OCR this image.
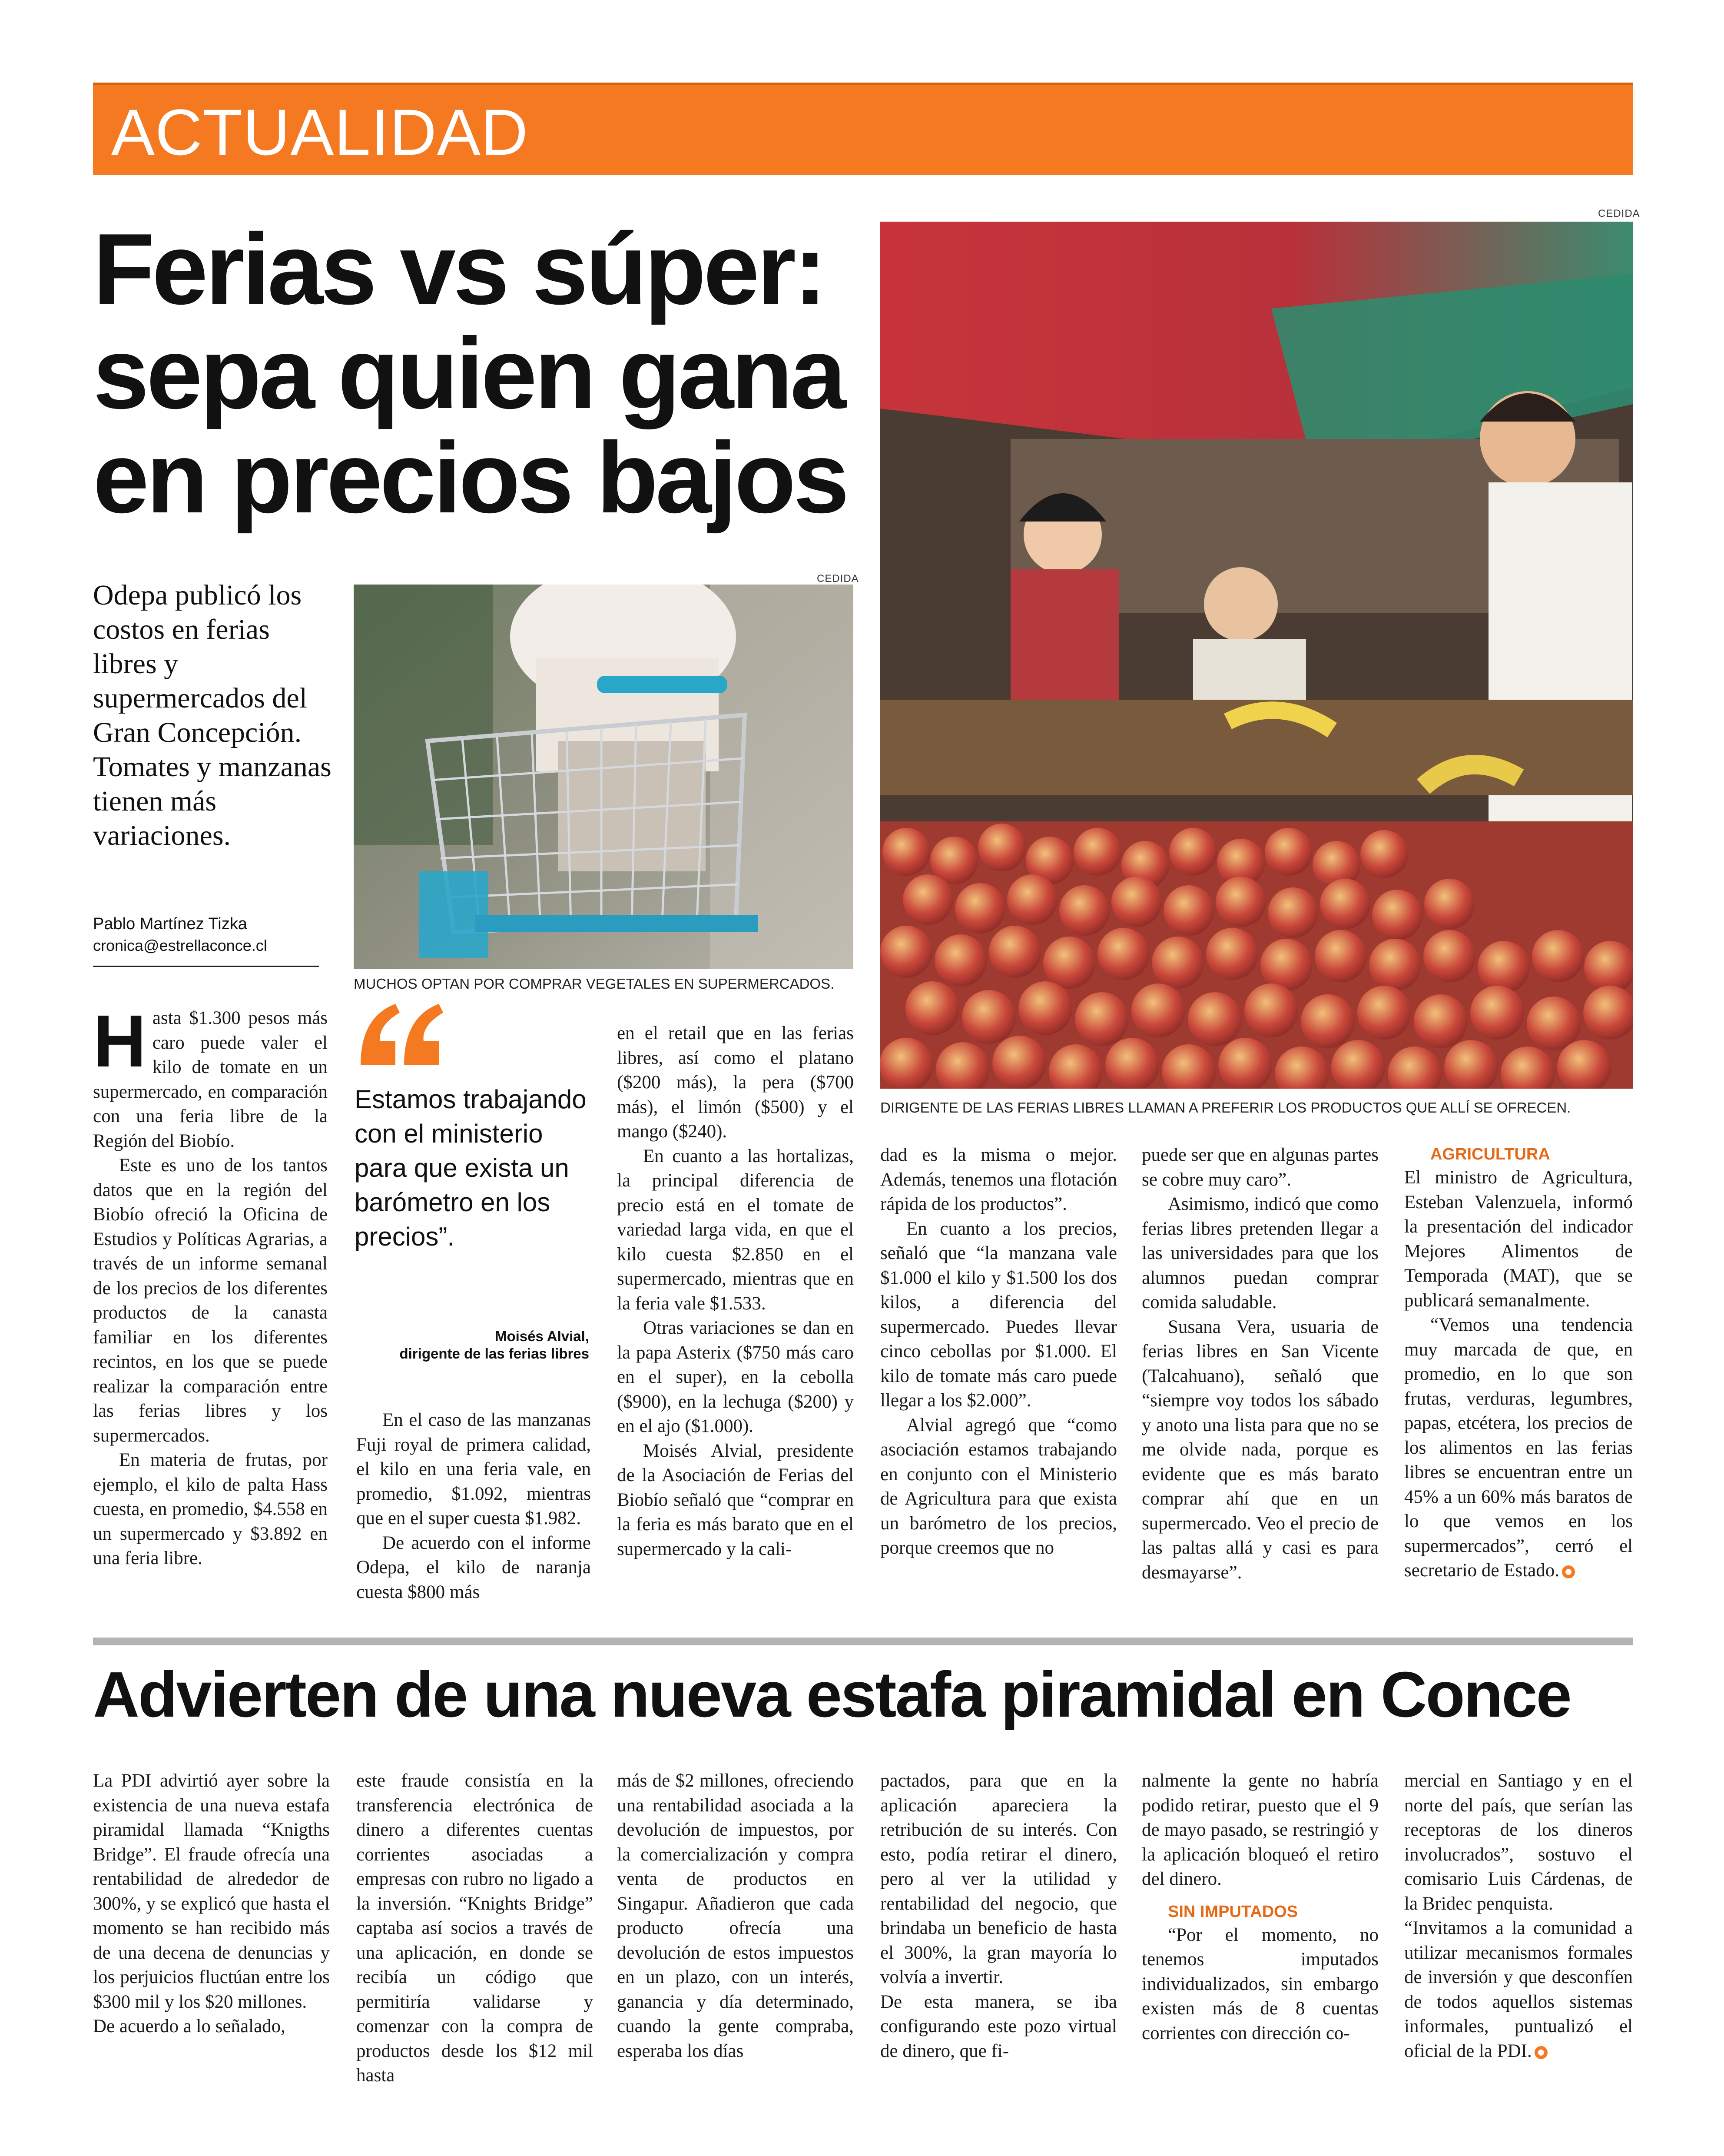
ACTUALIDAD
Ferias vs súper: sepa quien gana en precios bajos
Odepa publicó los costos en ferias libres y supermercados del Gran Concepción. Tomates y manzanas tienen más variaciones.
Pablo Martínez Tizka
cronica@estrellaconce.cl
CEDIDA
MUCHOS OPTAN POR COMPRAR VEGETALES EN SUPERMERCADOS.
CEDIDA
DIRIGENTE DE LAS FERIAS LIBRES LLAMAN A PREFERIR LOS PRODUCTOS QUE ALLÍ SE OFRECEN.

Hasta $1.300 pesos más caro puede valer el kilo de tomate en un supermercado, en comparación con una feria libre de la Región del Biobío.

Este es uno de los tantos datos que en la región del Biobío ofreció la Oficina de Estudios y Políticas Agrarias, a través de un informe semanal de los precios de los diferentes productos de la canasta familiar en los diferentes recintos, en los que se puede realizar la comparación entre las ferias libres y los supermercados.

En materia de frutas, por ejemplo, el kilo de palta Hass cuesta, en promedio, $4.558 en un supermercado y $3.892 en una feria libre.

Estamos trabajando con el ministerio para que exista un barómetro en los precios”.
Moisés Alvial,
dirigente de las ferias libres

En el caso de las manzanas Fuji royal de primera calidad, el kilo en una feria vale, en promedio, $1.092, mientras que en el super cuesta $1.982.

De acuerdo con el informe Odepa, el kilo de naranja cuesta $800 más

en el retail que en las ferias libres, así como el platano ($200 más), la pera ($700 más), el limón ($500) y el mango ($240).

En cuanto a las hortalizas, la principal diferencia de precio está en el tomate de variedad larga vida, en que el kilo cuesta $2.850 en el supermercado, mientras que en la feria vale $1.533.

Otras variaciones se dan en la papa Asterix ($750 más caro en el super), en la cebolla ($900), en la lechuga ($200) y en el ajo ($1.000).

Moisés Alvial, presidente de la Asociación de Ferias del Biobío señaló que “comprar en la feria es más barato que en el supermercado y la cali-

dad es la misma o mejor. Además, tenemos una flotación rápida de los productos”.

En cuanto a los precios, señaló que “la manzana vale $1.000 el kilo y $1.500 los dos kilos, a diferencia del supermercado. Puedes llevar cinco cebollas por $1.000. El kilo de tomate más caro puede llegar a los $2.000”.

Alvial agregó que “como asociación estamos trabajando en conjunto con el Ministerio de Agricultura para que exista un barómetro de los precios, porque creemos que no

puede ser que en algunas partes se cobre muy caro”.

Asimismo, indicó que como ferias libres pretenden llegar a las universidades para que los alumnos puedan comprar comida saludable.

Susana Vera, usuaria de ferias libres en San Vicente (Talcahuano), señaló que “siempre voy todos los sábado y anoto una lista para que no se me olvide nada, porque es evidente que es más barato comprar ahí que en un supermercado. Veo el precio de las paltas allá y casi es para desmayarse”.

AGRICULTURA

El ministro de Agricultura, Esteban Valenzuela, informó la presentación del indicador Mejores Alimentos de Temporada (MAT), que se publicará semanalmente.

“Vemos una tendencia muy marcada de que, en promedio, en lo que son frutas, verduras, legumbres, papas, etcétera, los precios de los alimentos en las ferias libres se encuentran entre un 45% a un 60% más baratos de lo que vemos en los supermercados”, cerró el secretario de Estado.

Advierten de una nueva estafa piramidal en Conce

La PDI advirtió ayer sobre la existencia de una nueva estafa piramidal llamada “Knigths Bridge”. El fraude ofrecía una rentabilidad de alrededor de 300%, y se explicó que hasta el momento se han recibido más de una decena de denuncias y los perjuicios fluctúan entre los $300 mil y los $20 millones.

De acuerdo a lo señalado,

este fraude consistía en la transferencia electrónica de dinero a diferentes cuentas corrientes asociadas a empresas con rubro no ligado a la inversión. “Knights Bridge” captaba así socios a través de una aplicación, en donde se recibía un código que permitiría validarse y comenzar con la compra de productos desde los $12 mil hasta

más de $2 millones, ofreciendo una rentabilidad asociada a la devolución de impuestos, por la comercialización y compra venta de productos en Singapur. Añadieron que cada producto ofrecía una devolución de estos impuestos en un plazo, con un interés, ganancia y día determinado, cuando la gente compraba, esperaba los días

pactados, para que en la aplicación apareciera la retribución de su interés. Con esto, podía retirar el dinero, pero al ver la utilidad y rentabilidad del negocio, que brindaba un beneficio de hasta el 300%, la gran mayoría lo volvía a invertir.

De esta manera, se iba configurando este pozo virtual de dinero, que fi-

nalmente la gente no habría podido retirar, puesto que el 9 de mayo pasado, se restringió y la aplicación bloqueó el retiro del dinero.

SIN IMPUTADOS

“Por el momento, no tenemos imputados individualizados, sin embargo existen más de 8 cuentas corrientes con dirección co-

mercial en Santiago y en el norte del país, que serían las receptoras de los dineros involucrados”, sostuvo el comisario Luis Cárdenas, de la Bridec penquista.

“Invitamos a la comunidad a utilizar mecanismos formales de inversión y que desconfíen de todos aquellos sistemas informales, puntualizó el oficial de la PDI.
